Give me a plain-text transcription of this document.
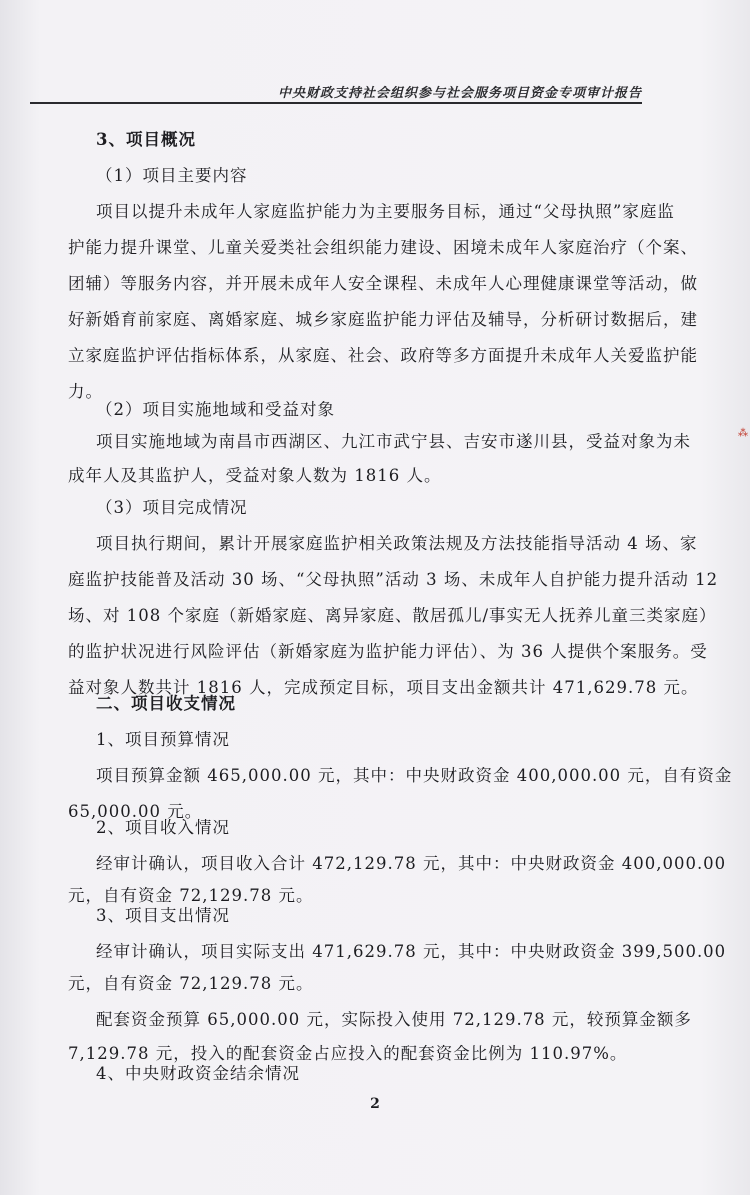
中央财政支持社会组织参与社会服务项目资金专项审计报告
3、项目概况
（1）项目主要内容
项目以提升未成年人家庭监护能力为主要服务目标，通过“父母执照”家庭监
护能力提升课堂、儿童关爱类社会组织能力建设、困境未成年人家庭治疗（个案、
团辅）等服务内容，并开展未成年人安全课程、未成年人心理健康课堂等活动，做
好新婚育前家庭、离婚家庭、城乡家庭监护能力评估及辅导，分析研讨数据后，建
立家庭监护评估指标体系，从家庭、社会、政府等多方面提升未成年人关爱监护能
力。
（2）项目实施地域和受益对象
项目实施地域为南昌市西湖区、九江市武宁县、吉安市遂川县，受益对象为未
成年人及其监护人，受益对象人数为 1816 人。
（3）项目完成情况
项目执行期间，累计开展家庭监护相关政策法规及方法技能指导活动 4 场、家
庭监护技能普及活动 30 场、“父母执照”活动 3 场、未成年人自护能力提升活动 12
场、对 108 个家庭（新婚家庭、离异家庭、散居孤儿/事实无人抚养儿童三类家庭）
的监护状况进行风险评估（新婚家庭为监护能力评估）、为 36 人提供个案服务。受
益对象人数共计 1816 人，完成预定目标，项目支出金额共计 471,629.78 元。
二、项目收支情况
1、项目预算情况
项目预算金额 465,000.00 元，其中：中央财政资金 400,000.00 元，自有资金
65,000.00 元。
2、项目收入情况
经审计确认，项目收入合计 472,129.78 元，其中：中央财政资金 400,000.00
元，自有资金 72,129.78 元。
3、项目支出情况
经审计确认，项目实际支出 471,629.78 元，其中：中央财政资金 399,500.00
元，自有资金 72,129.78 元。
配套资金预算 65,000.00 元，实际投入使用 72,129.78 元，较预算金额多
7,129.78 元，投入的配套资金占应投入的配套资金比例为 110.97%。
4、中央财政资金结余情况
⁂
2
